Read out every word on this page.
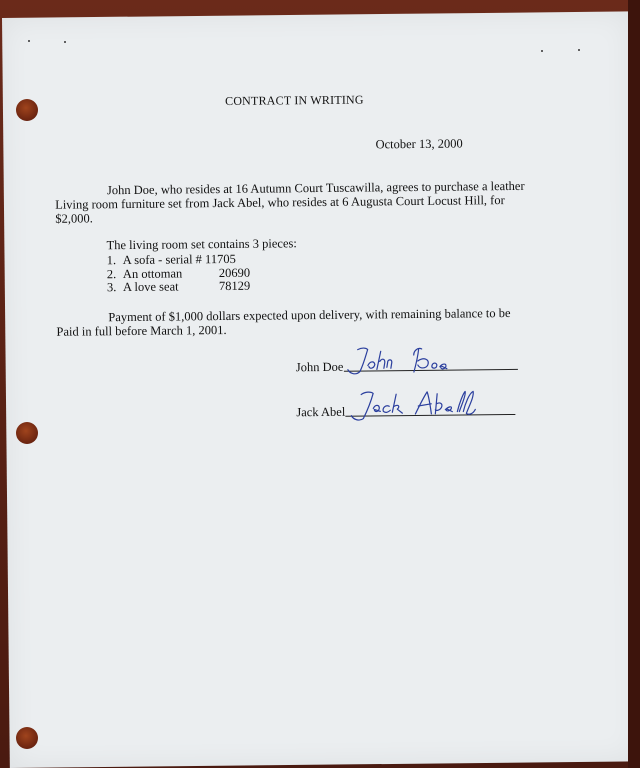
CONTRACT IN WRITING
October 13, 2000
John Doe, who resides at 16 Autumn Court Tuscawilla, agrees to purchase a leather Living room furniture set from Jack Abel, who resides at 6 Augusta Court Locust Hill, for $2,000.
The living room set contains 3 pieces:
1. A sofa - serial # 11705
2. An ottoman	20690
3. A love seat	78129
Payment of $1,000 dollars expected upon delivery, with remaining balance to be Paid in full before March 1, 2001.
John Doe
Jack Abel
